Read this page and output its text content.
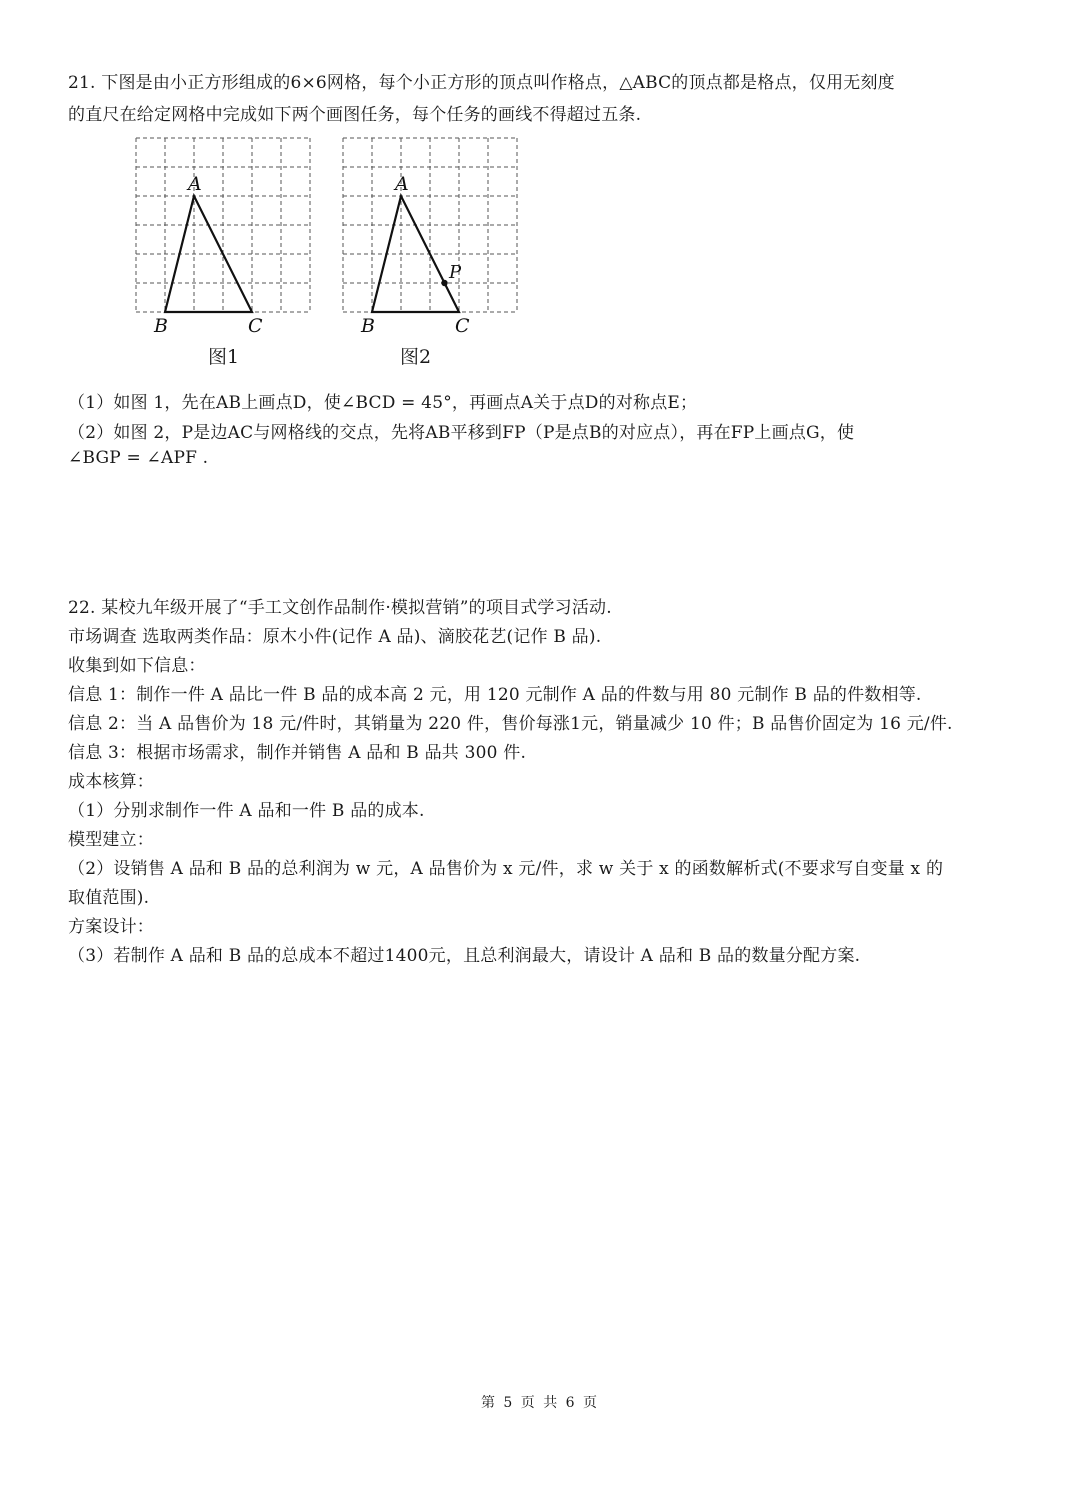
21. 下图是由小正方形组成的6×6网格，每个小正方形的顶点叫作格点，△ABC的顶点都是格点，仅用无刻度
的直尺在给定网格中完成如下两个画图任务，每个任务的画线不得超过五条.
A
B	C
图1
A
B	C
P
图2
（1）如图 1，先在AB上画点D，使∠BCD = 45°，再画点A关于点D的对称点E；
（2）如图 2，P是边AC与网格线的交点，先将AB平移到FP（P是点B的对应点），再在FP上画点G，使
∠BGP = ∠APF .
22. 某校九年级开展了“手工文创作品制作·模拟营销”的项目式学习活动.
市场调查 选取两类作品：原木小件(记作 A 品)、滴胶花艺(记作 B 品).
收集到如下信息：
信息 1：制作一件 A 品比一件 B 品的成本高 2 元，用 120 元制作 A 品的件数与用 80 元制作 B 品的件数相等.
信息 2：当 A 品售价为 18 元/件时，其销量为 220 件，售价每涨1元，销量减少 10 件；B 品售价固定为 16 元/件.
信息 3：根据市场需求，制作并销售 A 品和 B 品共 300 件.
成本核算：
（1）分别求制作一件 A 品和一件 B 品的成本.
模型建立：
（2）设销售 A 品和 B 品的总利润为 w 元，A 品售价为 x 元/件，求 w 关于 x 的函数解析式(不要求写自变量 x 的
取值范围).
方案设计：
（3）若制作 A 品和 B 品的总成本不超过1400元，且总利润最大，请设计 A 品和 B 品的数量分配方案.
第 5 页 共 6 页
